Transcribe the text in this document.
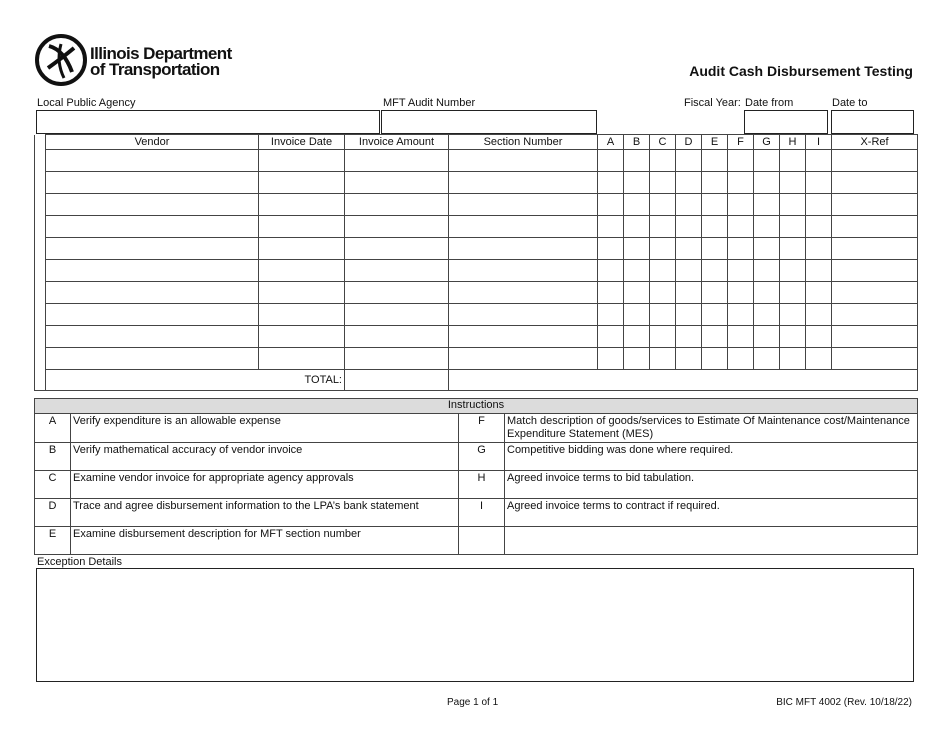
Illinois Department
of Transportation	Audit Cash Disbursement Testing
Local Public Agency	MFT Audit Number	Fiscal Year: Date from	Date to
	Vendor	Invoice Date	Invoice Amount	Section Number	A	B	C	D	E	F	G	H	I	X-Ref

	TOTAL:													
Instructions			
A	Verify expenditure is an allowable expense	F	Match description of goods/services to Estimate Of Maintenance cost/Maintenance Expenditure Statement (MES)
B	Verify mathematical accuracy of vendor invoice	G	Competitive bidding was done where required.
C	Examine vendor invoice for appropriate agency approvals	H	Agreed invoice terms to bid tabulation.
D	Trace and agree disbursement information to the LPA’s bank statement	I	Agreed invoice terms to contract if required.
E	Examine disbursement description for MFT section number		
Exception Details
Page 1 of 1	BIC MFT 4002 (Rev. 10/18/22)
